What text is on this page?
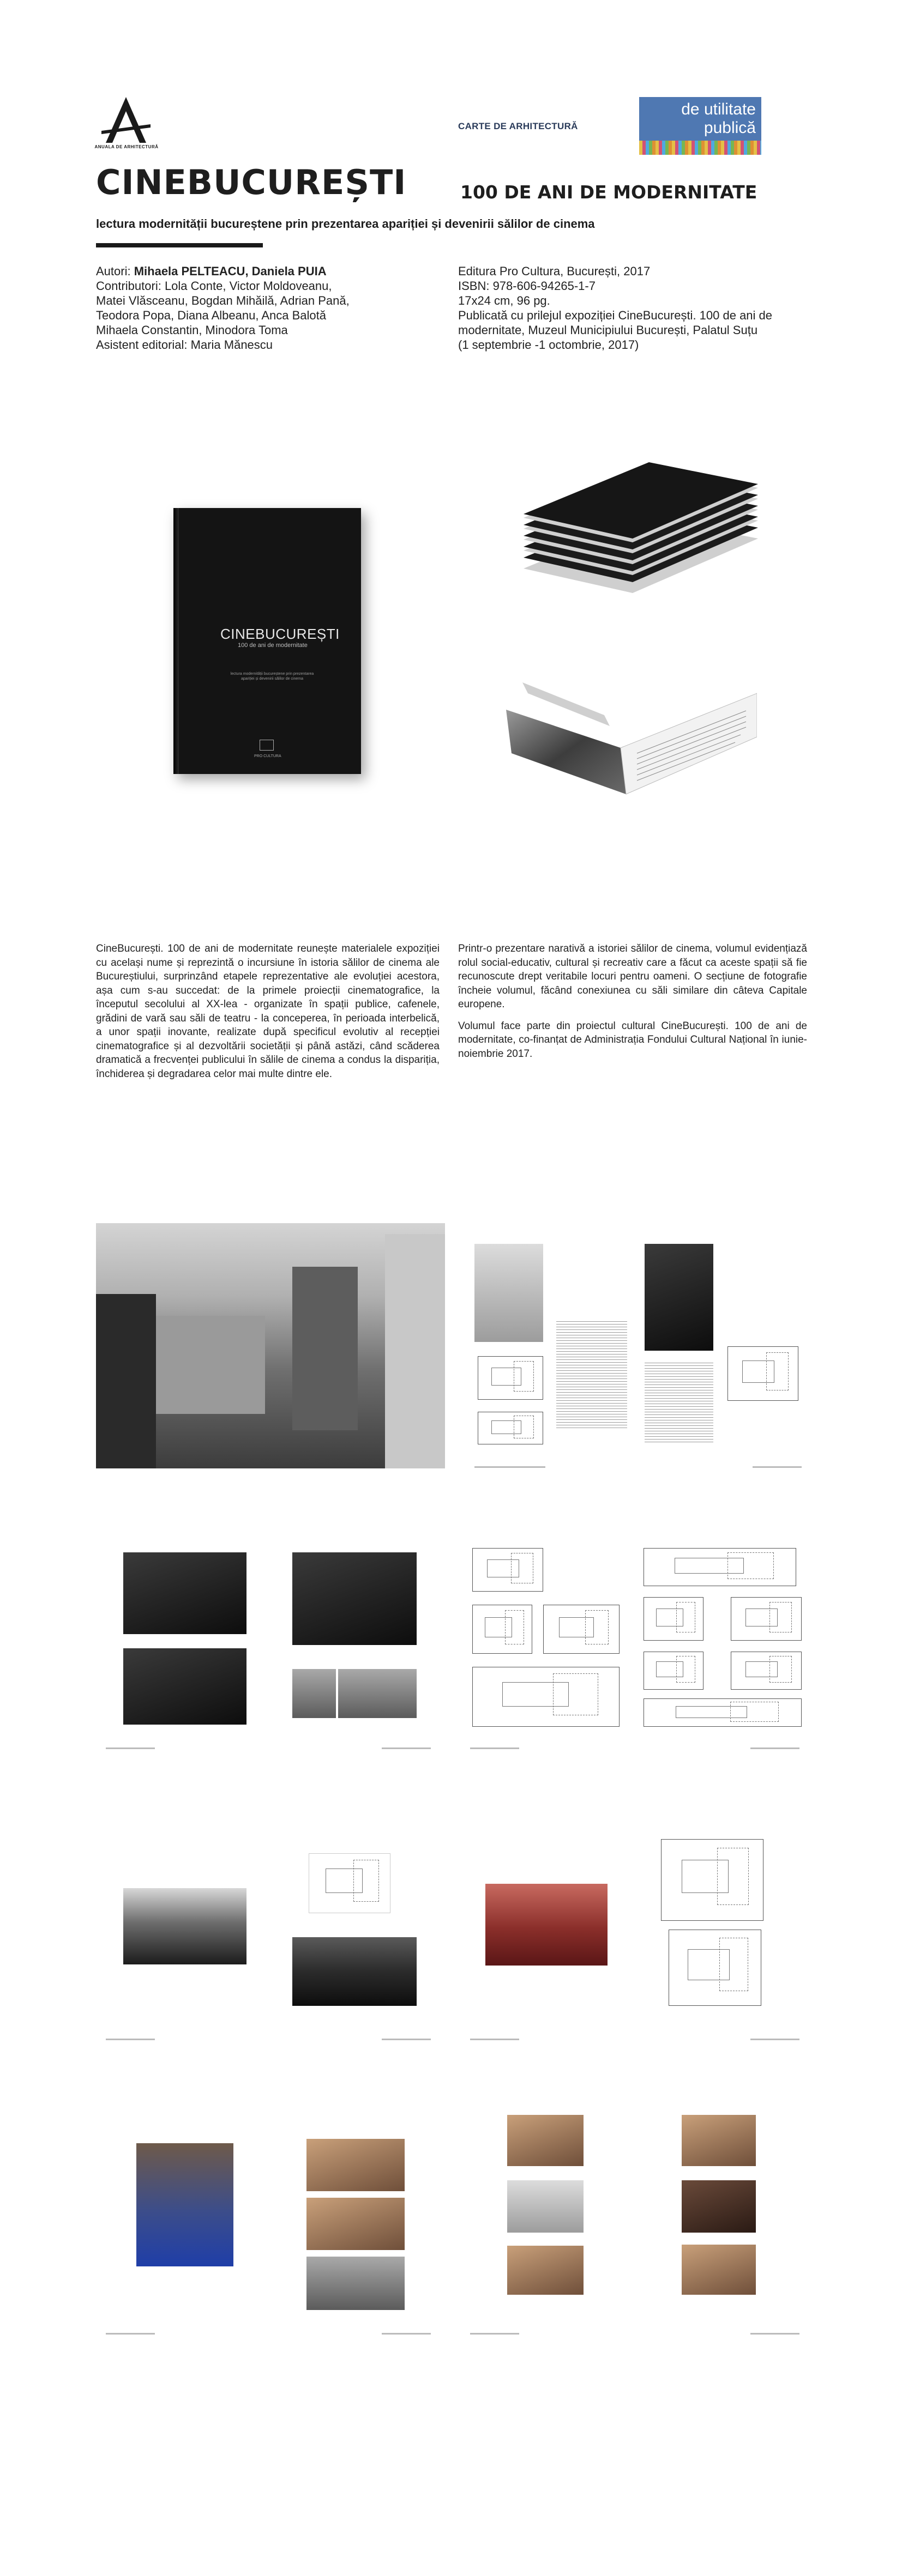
ANUALA DE ARHITECTURĂ
CARTE DE ARHITECTURĂ
de utilitate
publică
CINEBUCUREȘTI	100 DE ANI DE MODERNITATE
lectura modernității bucureștene prin prezentarea apariției și devenirii sălilor de cinema
Autori: Mihaela PELTEACU, Daniela PUIA
Contributori: Lola Conte, Victor Moldoveanu,
Matei Vlăsceanu, Bogdan Mihăilă, Adrian Pană,
Teodora Popa, Diana Albeanu, Anca Balotă
Mihaela Constantin, Minodora Toma
Asistent editorial: Maria Mănescu
Editura Pro Cultura, București, 2017
ISBN: 978-606-94265-1-7
17x24 cm, 96 pg.
Publicată cu prilejul expoziției CineBucurești. 100 de ani de
modernitate, Muzeul Municipiului București, Palatul Suțu
(1 septembrie -1 octombrie, 2017)
CINEBUCUREȘTI
100 de ani de modernitate
lectura modernității bucureștene prin prezentarea apariției și devenirii sălilor de cinema
PRO CULTURA

CineBucurești. 100 de ani de modernitate reunește materialele expoziției cu același nume și reprezintă o incursiune în istoria sălilor de cinema ale Bucureștiului, surprinzând etapele reprezentative ale evoluției acestora, așa cum s-au succedat: de la primele proiecții cinematografice, la începutul secolului al XX-lea - organizate în spații publice, cafenele, grădini de vară sau săli de teatru - la conceperea, în perioada interbelică, a unor spații inovante, realizate după specificul evolutiv al recepției cinematografice și al dezvoltării societății și până astăzi, când scăderea dramatică a frecvenței publicului în sălile de cinema a condus la dispariția, închiderea și degradarea celor mai multe dintre ele.

Printr-o prezentare narativă a istoriei sălilor de cinema, volumul evidențiază rolul social-educativ, cultural și recreativ care a făcut ca aceste spații să fie recunoscute drept veritabile locuri pentru oameni. O secțiune de fotografie încheie volumul, făcând conexiunea cu săli similare din câteva Capitale europene.

Volumul face parte din proiectul cultural CineBucurești. 100 de ani de modernitate, co-finanțat de Administrația Fondului Cultural Național în iunie-noiembrie 2017.
